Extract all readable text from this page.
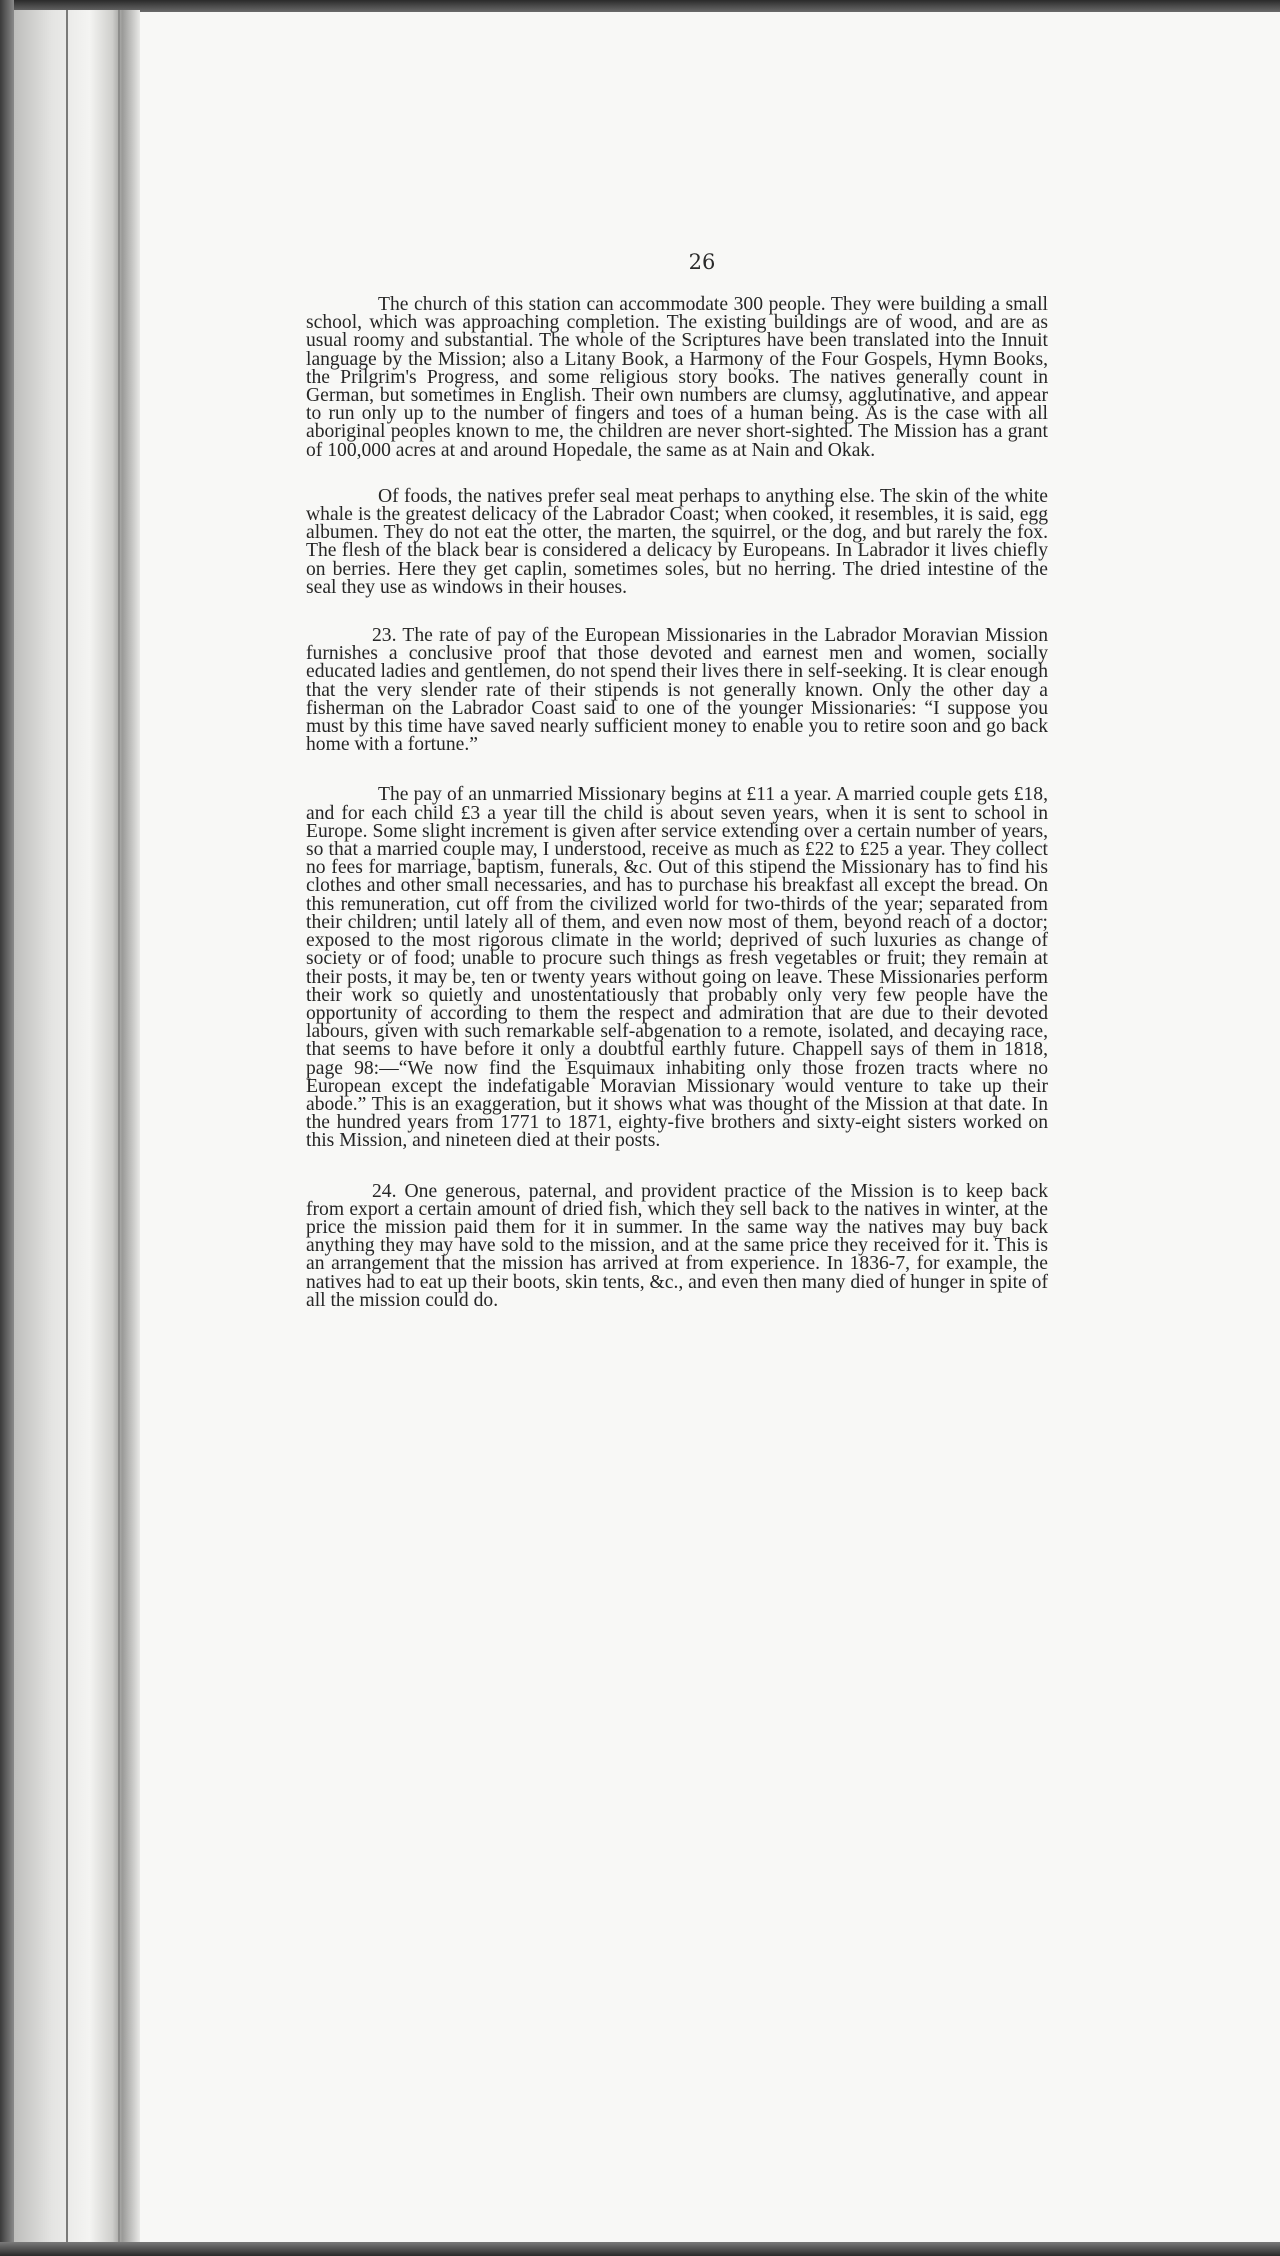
26

The church of this station can accommodate 300 people. They were building a small school, which was approaching completion. The existing buildings are of wood, and are as usual roomy and substantial. The whole of the Scriptures have been translated into the Innuit language by the Mission; also a Litany Book, a Harmony of the Four Gospels, Hymn Books, the Prilgrim's Progress, and some religious story books. The natives generally count in German, but sometimes in English. Their own numbers are clumsy, agglutinative, and appear to run only up to the number of fingers and toes of a human being. As is the case with all aboriginal peoples known to me, the children are never short-sighted. The Mission has a grant of 100,000 acres at and around Hopedale, the same as at Nain and Okak.

Of foods, the natives prefer seal meat perhaps to anything else. The skin of the white whale is the greatest delicacy of the Labrador Coast; when cooked, it resembles, it is said, egg albumen. They do not eat the otter, the marten, the squirrel, or the dog, and but rarely the fox. The flesh of the black bear is considered a delicacy by Europeans. In Labrador it lives chiefly on berries. Here they get caplin, sometimes soles, but no herring. The dried intestine of the seal they use as windows in their houses.

23. The rate of pay of the European Missionaries in the Labrador Moravian Mission furnishes a conclusive proof that those devoted and earnest men and women, socially educated ladies and gentlemen, do not spend their lives there in self-seeking. It is clear enough that the very slender rate of their stipends is not generally known. Only the other day a fisherman on the Labrador Coast said to one of the younger Missionaries: “I suppose you must by this time have saved nearly sufficient money to enable you to retire soon and go back home with a fortune.”

The pay of an unmarried Missionary begins at £11 a year. A married couple gets £18, and for each child £3 a year till the child is about seven years, when it is sent to school in Europe. Some slight increment is given after service extending over a certain number of years, so that a married couple may, I understood, receive as much as £22 to £25 a year. They collect no fees for marriage, baptism, funerals, &c. Out of this stipend the Missionary has to find his clothes and other small necessaries, and has to purchase his breakfast all except the bread. On this remuneration, cut off from the civilized world for two-thirds of the year; separated from their children; until lately all of them, and even now most of them, beyond reach of a doctor; exposed to the most rigorous climate in the world; deprived of such luxuries as change of society or of food; unable to procure such things as fresh vegetables or fruit; they remain at their posts, it may be, ten or twenty years without going on leave. These Missionaries perform their work so quietly and unostentatiously that probably only very few people have the opportunity of according to them the respect and admiration that are due to their devoted labours, given with such remarkable self-abgenation to a remote, isolated, and decaying race, that seems to have before it only a doubtful earthly future. Chappell says of them in 1818, page 98:—“We now find the Esquimaux inhabiting only those frozen tracts where no European except the indefatigable Moravian Missionary would venture to take up their abode.” This is an exaggeration, but it shows what was thought of the Mission at that date. In the hundred years from 1771 to 1871, eighty-five brothers and sixty-eight sisters worked on this Mission, and nineteen died at their posts.

24. One generous, paternal, and provident practice of the Mission is to keep back from export a certain amount of dried fish, which they sell back to the natives in winter, at the price the mission paid them for it in summer. In the same way the natives may buy back anything they may have sold to the mission, and at the same price they received for it. This is an arrangement that the mission has arrived at from experience. In 1836-7, for example, the natives had to eat up their boots, skin tents, &c., and even then many died of hunger in spite of all the mission could do.
